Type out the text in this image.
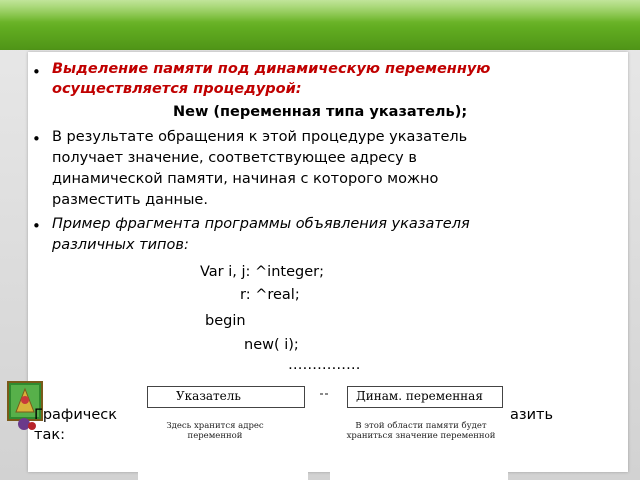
• Выделение памяти под динамическую переменную
осуществляется процедурой:
New (переменная типа указатель);
• В результате обращения к этой процедуре указатель
получает значение, соответствующее адресу в
динамической памяти, начиная с которого можно
разместить данные.
• Пример фрагмента программы объявления указателя
различных типов:
Var i, j: ^integer;
r: ^real;
begin
new( i);
……………
Графическ	азить
так:
Указатель
Здесь хранится адрес переменной
Динам. переменная
В этой области памяти будет храниться значение переменной
